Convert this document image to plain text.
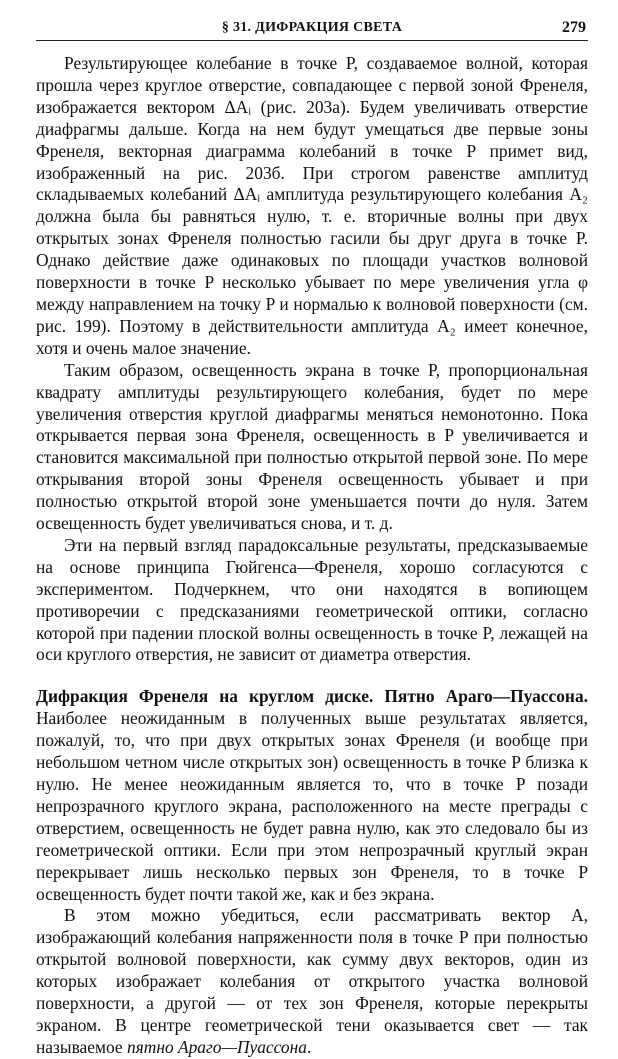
§ 31. ДИФРАКЦИЯ СВЕТА	279

Результирующее колебание в точке P, создаваемое волной, которая прошла через круглое отверстие, совпадающее с первой зоной Френеля, изображается вектором ΔAᵢ (рис. 203а). Будем увеличивать отверстие диафрагмы дальше. Когда на нем будут умещаться две первые зоны Френеля, векторная диаграмма колебаний в точке P примет вид, изображенный на рис. 203б. При строгом равенстве амплитуд складываемых колебаний ΔAᵢ амплитуда результирующего колебания A₂ должна была бы равняться нулю, т. е. вторичные волны при двух открытых зонах Френеля полностью гасили бы друг друга в точке P. Однако действие даже одинаковых по площади участков волновой поверхности в точке P несколько убывает по мере увеличения угла φ между направлением на точку P и нормалью к волновой поверхности (см. рис. 199). Поэтому в действительности амплитуда A₂ имеет конечное, хотя и очень малое значение.

Таким образом, освещенность экрана в точке P, пропорциональная квадрату амплитуды результирующего колебания, будет по мере увеличения отверстия круглой диафрагмы меняться немонотонно. Пока открывается первая зона Френеля, освещенность в P увеличивается и становится максимальной при полностью открытой первой зоне. По мере открывания второй зоны Френеля освещенность убывает и при полностью открытой второй зоне уменьшается почти до нуля. Затем освещенность будет увеличиваться снова, и т. д.

Эти на первый взгляд парадоксальные результаты, предсказываемые на основе принципа Гюйгенса—Френеля, хорошо согласуются с экспериментом. Подчеркнем, что они находятся в вопиющем противоречии с предсказаниями геометрической оптики, согласно которой при падении плоской волны освещенность в точке P, лежащей на оси круглого отверстия, не зависит от диаметра отверстия.

Дифракция Френеля на круглом диске. Пятно Араго—Пуассона. Наиболее неожиданным в полученных выше результатах является, пожалуй, то, что при двух открытых зонах Френеля (и вообще при небольшом четном числе открытых зон) освещенность в точке P близка к нулю. Не менее неожиданным является то, что в точке P позади непрозрачного круглого экрана, расположенного на месте преграды с отверстием, освещенность не будет равна нулю, как это следовало бы из геометрической оптики. Если при этом непрозрачный круглый экран перекрывает лишь несколько первых зон Френеля, то в точке P освещенность будет почти такой же, как и без экрана.

В этом можно убедиться, если рассматривать вектор A, изображающий колебания напряженности поля в точке P при полностью открытой волновой поверхности, как сумму двух векторов, один из которых изображает колебания от открытого участка волновой поверхности, а другой — от тех зон Френеля, которые перекрыты экраном. В центре геометрической тени оказывается свет — так называемое пятно Араго—Пуассона.
